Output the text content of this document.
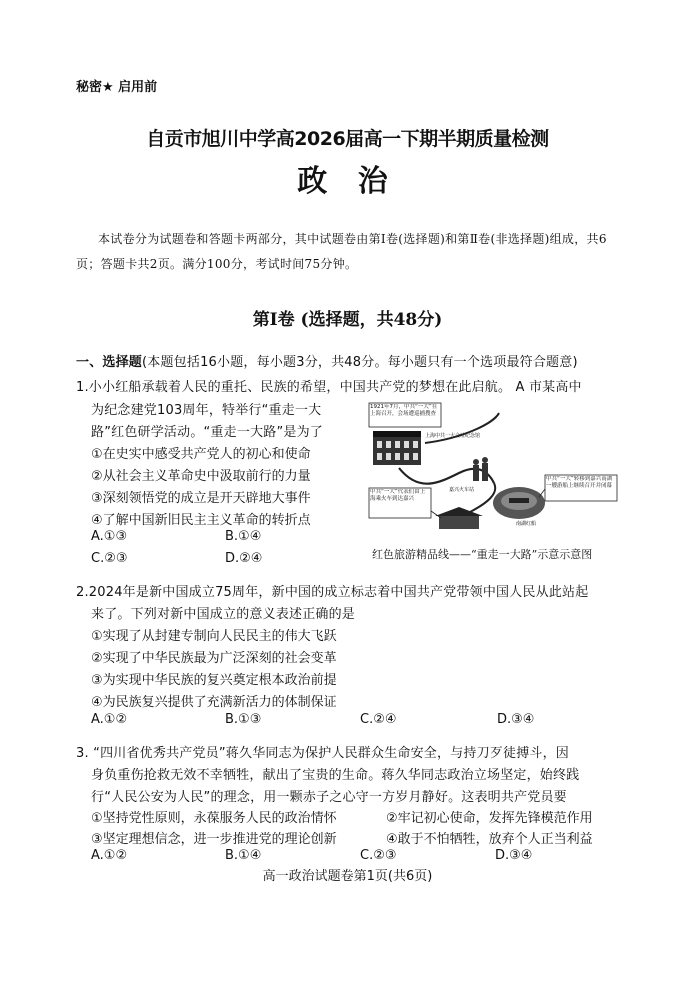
秘密★ 启用前
自贡市旭川中学高2026届高一下期半期质量检测
政 治
本试卷分为试题卷和答题卡两部分，其中试题卷由第Ⅰ卷(选择题)和第Ⅱ卷(非选择题)组成，共6页；答题卡共2页。满分100分，考试时间75分钟。
第Ⅰ卷 (选择题，共48分)
一、选择题(本题包括16小题，每小题3分，共48分。每小题只有一个选项最符合题意)
1.小小红船承载着人民的重托、民族的希望，中国共产党的梦想在此启航。 A 市某高中
为纪念建党103周年，特举行“重走一大
路”红色研学活动。“重走一大路”是为了
①在史实中感受共产党人的初心和使命
②从社会主义革命史中汲取前行的力量
③深刻领悟党的成立是开天辟地大事件
④了解中国新旧民主主义革命的转折点
A.①③	B.①④
C.②③	D.②④
1921年7月，中共“一大”在上海召开，会场遭巡捕搜查
上海中共一大会址纪念馆
嘉兴火车站
南湖红船
中共“一大”转移到嘉兴南湖一艘游船上继续召开并闭幕
中共“一大”代表们由上海乘火车到达嘉兴
红色旅游精品线——“重走一大路”示意示意图
2.2024年是新中国成立75周年，新中国的成立标志着中国共产党带领中国人民从此站起
来了。下列对新中国成立的意义表述正确的是
①实现了从封建专制向人民民主的伟大飞跃
②实现了中华民族最为广泛深刻的社会变革
③为实现中华民族的复兴奠定根本政治前提
④为民族复兴提供了充满新活力的体制保证
A.①②	B.①③	C.②④	D.③④
3. “四川省优秀共产党员”蒋久华同志为保护人民群众生命安全，与持刀歹徒搏斗，因
身负重伤抢救无效不幸牺牲，献出了宝贵的生命。蒋久华同志政治立场坚定，始终践
行“人民公安为人民”的理念，用一颗赤子之心守一方岁月静好。这表明共产党员要
①坚持党性原则，永葆服务人民的政治情怀	②牢记初心使命，发挥先锋模范作用
③坚定理想信念，进一步推进党的理论创新	④敢于不怕牺牲，放弃个人正当利益
A.①②	B.①④	C.②③	D.③④
高一政治试题卷第1页(共6页)
